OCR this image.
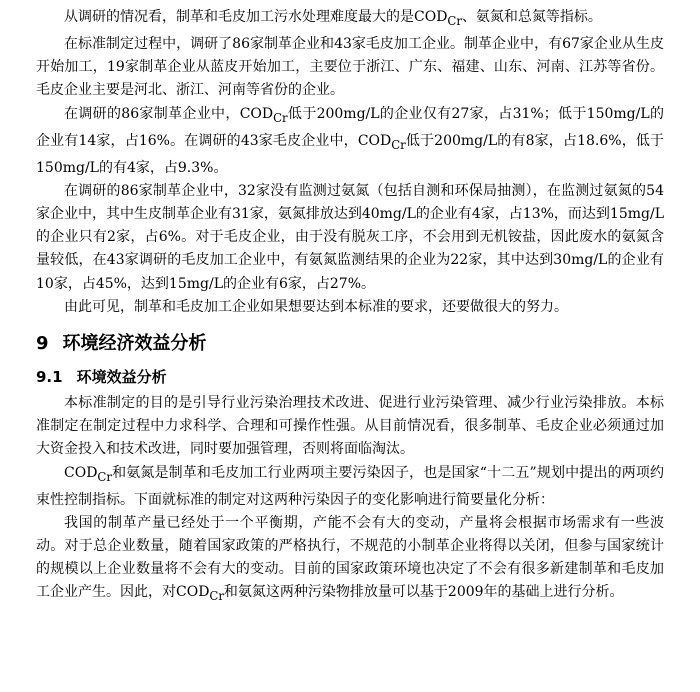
从调研的情况看，制革和毛皮加工污水处理难度最大的是$COD_{Cr}$、氨氮和总氮等指标。

在标准制定过程中，调研了86家制革企业和43家毛皮加工企业。制革企业中，有67家企业从生皮开始加工，19家制革企业从蓝皮开始加工，主要位于浙江、广东、福建、山东、河南、江苏等省份。毛皮企业主要是河北、浙江、河南等省份的企业。

在调研的86家制革企业中，$COD_{Cr}$低于200mg/L的企业仅有27家，占31%；低于150mg/L的企业有14家，占16%。在调研的43家毛皮企业中，$COD_{Cr}$低于200mg/L的有8家，占18.6%，低于150mg/L的有4家，占9.3%。

在调研的86家制革企业中，32家没有监测过氨氮（包括自测和环保局抽测），在监测过氨氮的54家企业中，其中生皮制革企业有31家，氨氮排放达到40mg/L的企业有4家，占13%，而达到15mg/L的企业只有2家，占6%。对于毛皮企业，由于没有脱灰工序，不会用到无机铵盐，因此废水的氨氮含量较低，在43家调研的毛皮加工企业中，有氨氮监测结果的企业为22家，其中达到30mg/L的企业有10家，占45%，达到15mg/L的企业有6家，占27%。

由此可见，制革和毛皮加工企业如果想要达到本标准的要求，还要做很大的努力。

9 环境经济效益分析
9.1 环境效益分析

本标准制定的目的是引导行业污染治理技术改进、促进行业污染管理、减少行业污染排放。本标准制定在制定过程中力求科学、合理和可操作性强。从目前情况看，很多制革、毛皮企业必须通过加大资金投入和技术改进，同时要加强管理，否则将面临淘汰。

$COD_{Cr}$和氨氮是制革和毛皮加工行业两项主要污染因子，也是国家“十二五”规划中提出的两项约束性控制指标。下面就标准的制定对这两种污染因子的变化影响进行简要量化分析：

我国的制革产量已经处于一个平衡期，产能不会有大的变动，产量将会根据市场需求有一些波动。对于总企业数量，随着国家政策的严格执行，不规范的小制革企业将得以关闭，但参与国家统计的规模以上企业数量将不会有大的变动。目前的国家政策环境也决定了不会有很多新建制革和毛皮加工企业产生。因此，对$COD_{Cr}$和氨氮这两种污染物排放量可以基于2009年的基础上进行分析。
